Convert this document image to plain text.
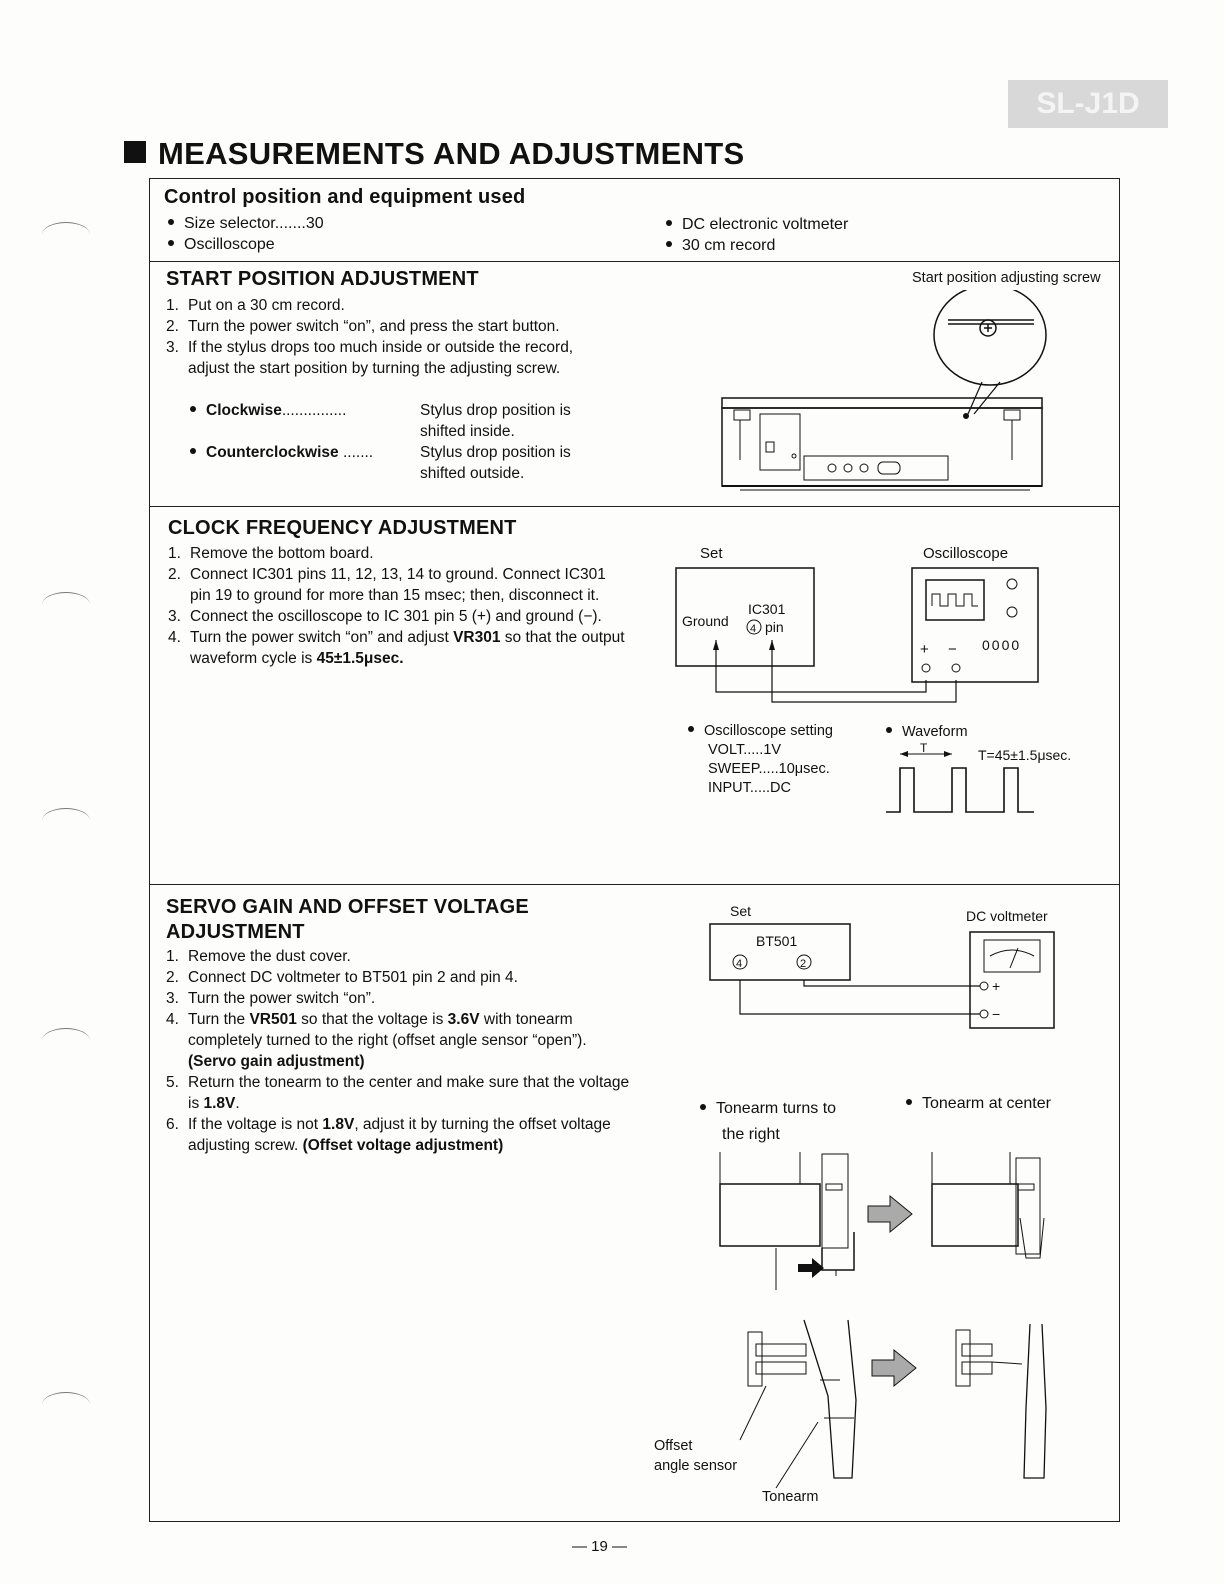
SL-J1D
MEASUREMENTS AND ADJUSTMENTS
Control position and equipment used
Size selector.......30
Oscilloscope
DC electronic voltmeter
30 cm record
START POSITION ADJUSTMENT
1. Put on a 30 cm record.
2. Turn the power switch “on”, and press the start button.
3. If the stylus drops too much inside or outside the record, adjust the start position by turning the adjusting screw.
Clockwise...............	Stylus drop position is shifted inside.
Counterclockwise .......	Stylus drop position is shifted outside.
Start position adjusting screw
CLOCK FREQUENCY ADJUSTMENT
1. Remove the bottom board.
2. Connect IC301 pins 11, 12, 13, 14 to ground. Connect IC301 pin 19 to ground for more than 15 msec; then, disconnect it.
3. Connect the oscilloscope to IC 301 pin 5 (+) and ground (−).
4. Turn the power switch “on” and adjust VR301 so that the output waveform cycle is 45±1.5μsec.
Set	Oscilloscope
IC301
Ground 4 pin
+ − 0000
Oscilloscope setting
VOLT.....1V
SWEEP.....10μsec.
INPUT.....DC
Waveform
T	T=45±1.5μsec.
SERVO GAIN AND OFFSET VOLTAGE
ADJUSTMENT
1. Remove the dust cover.
2. Connect DC voltmeter to BT501 pin 2 and pin 4.
3. Turn the power switch “on”.
4. Turn the VR501 so that the voltage is 3.6V with tonearm completely turned to the right (offset angle sensor “open”). (Servo gain adjustment)
5. Return the tonearm to the center and make sure that the voltage is 1.8V.
6. If the voltage is not 1.8V, adjust it by turning the offset voltage adjusting screw. (Offset voltage adjustment)
Set	DC voltmeter
BT501
4	2
+
−
Tonearm turns to
the right
Tonearm at center
Offset
angle sensor
Tonearm
— 19 —
